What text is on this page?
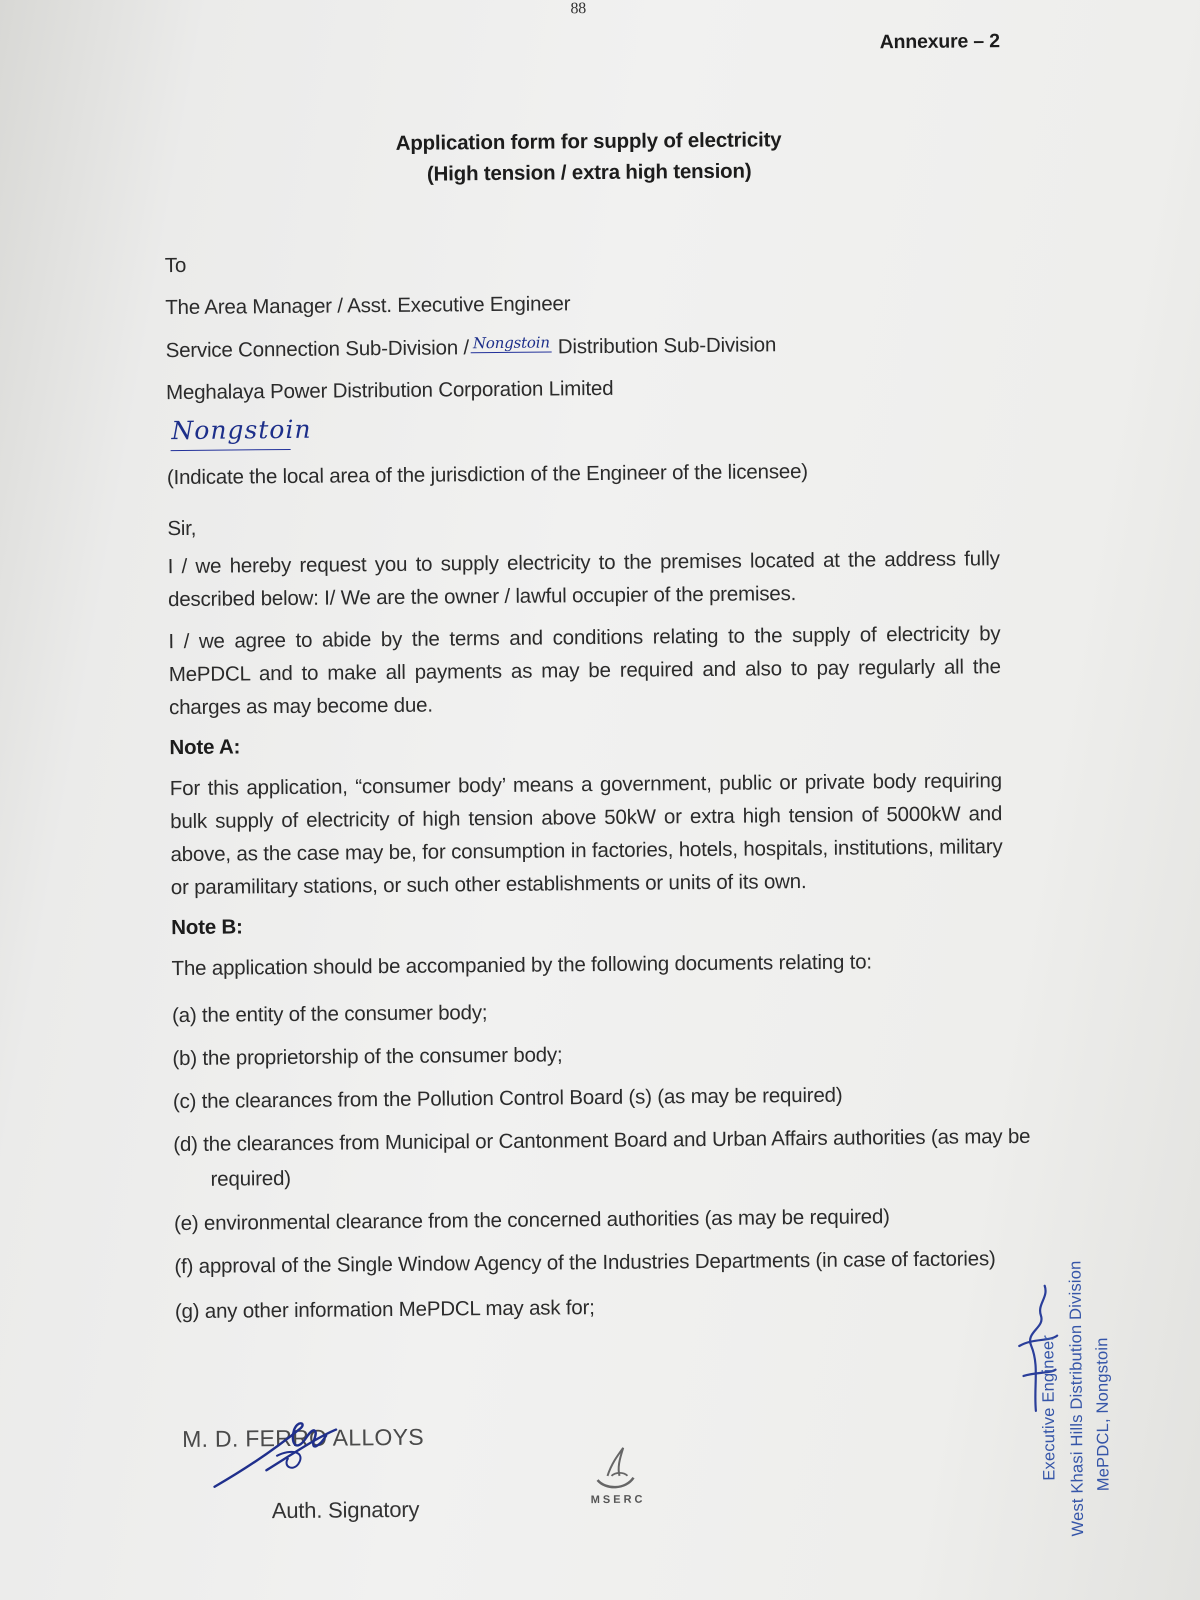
88
Annexure – 2
Application form for supply of electricity
(High tension / extra high tension)
To
The Area Manager / Asst. Executive Engineer
Service Connection Sub-Division / Nongstoin Distribution Sub-Division
Meghalaya Power Distribution Corporation Limited
Nongstoin
(Indicate the local area of the jurisdiction of the Engineer of the licensee)
Sir,
I / we hereby request you to supply electricity to the premises located at the address fully described below: I/ We are the owner / lawful occupier of the premises.
I / we agree to abide by the terms and conditions relating to the supply of electricity by MePDCL and to make all payments as may be required and also to pay regularly all the charges as may become due.
Note A:
For this application, “consumer body’ means a government, public or private body requiring bulk supply of electricity of high tension above 50kW or extra high tension of 5000kW and above, as the case may be, for consumption in factories, hotels, hospitals, institutions, military or paramilitary stations, or such other establishments or units of its own.
Note B:
The application should be accompanied by the following documents relating to:
(a) the entity of the consumer body;
(b) the proprietorship of the consumer body;
(c) the clearances from the Pollution Control Board (s) (as may be required)
(d) the clearances from Municipal or Cantonment Board and Urban Affairs authorities (as may be
required)
(e) environmental clearance from the concerned authorities (as may be required)
(f) approval of the Single Window Agency of the Industries Departments (in case of factories)
(g) any other information MePDCL may ask for;
M. D. FERRO ALLOYS
Auth. Signatory	MSERC
Executive Engineer West Khasi Hills Distribution Division MePDCL, Nongstoin
